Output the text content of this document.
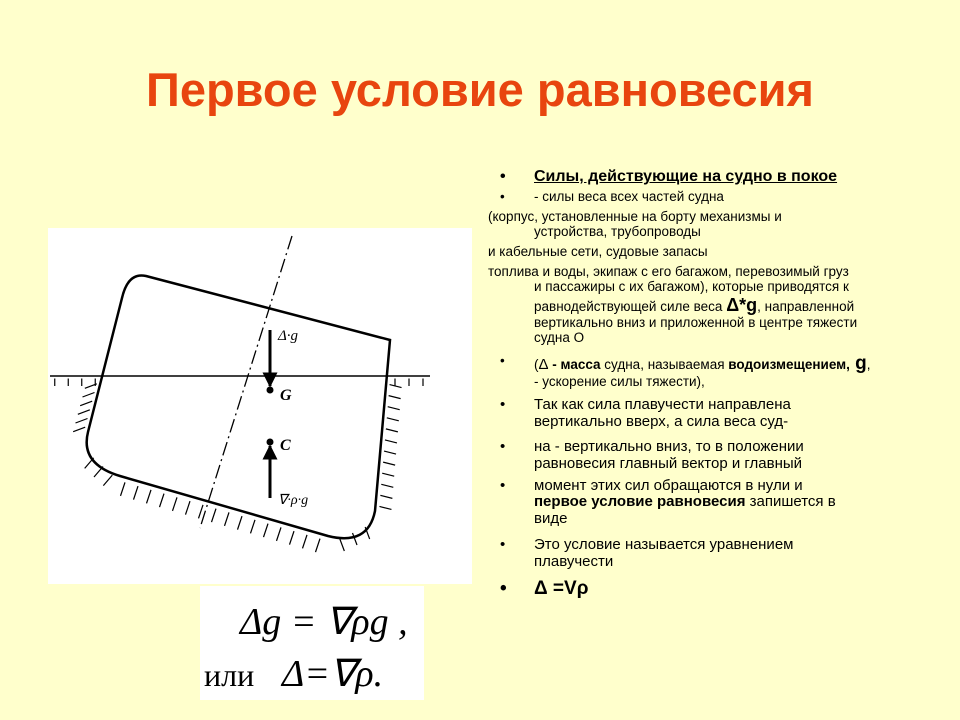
Первое условие равновесия
Δ·g
G
C
∇·ρ·g
Δg = ∇ρg ,
или Δ=∇ρ.
• Силы, действующие на судно в покое
• - силы веса всех частей судна
(корпус, установленные на борту механизмы и
устройства, трубопроводы
и кабельные сети, судовые запасы
топлива и воды, экипаж с его багажом, перевозимый груз
и пассажиры с их багажом), которые приводятся к
равнодействующей силе веса Δ*g, направленной
вертикально вниз и приложенной в центре тяжести
судна О
• (Δ - масса судна, называемая водоизмещением, g,
- ускорение силы тяжести),
• Так как сила плавучести направлена
вертикально вверх, а сила веса суд-
• на - вертикально вниз, то в положении
равновесия главный вектор и главный
• момент этих сил обращаются в нули и
первое условие равновесия запишется в
виде
• Это условие называется уравнением
плавучести
• Δ =Vρ
